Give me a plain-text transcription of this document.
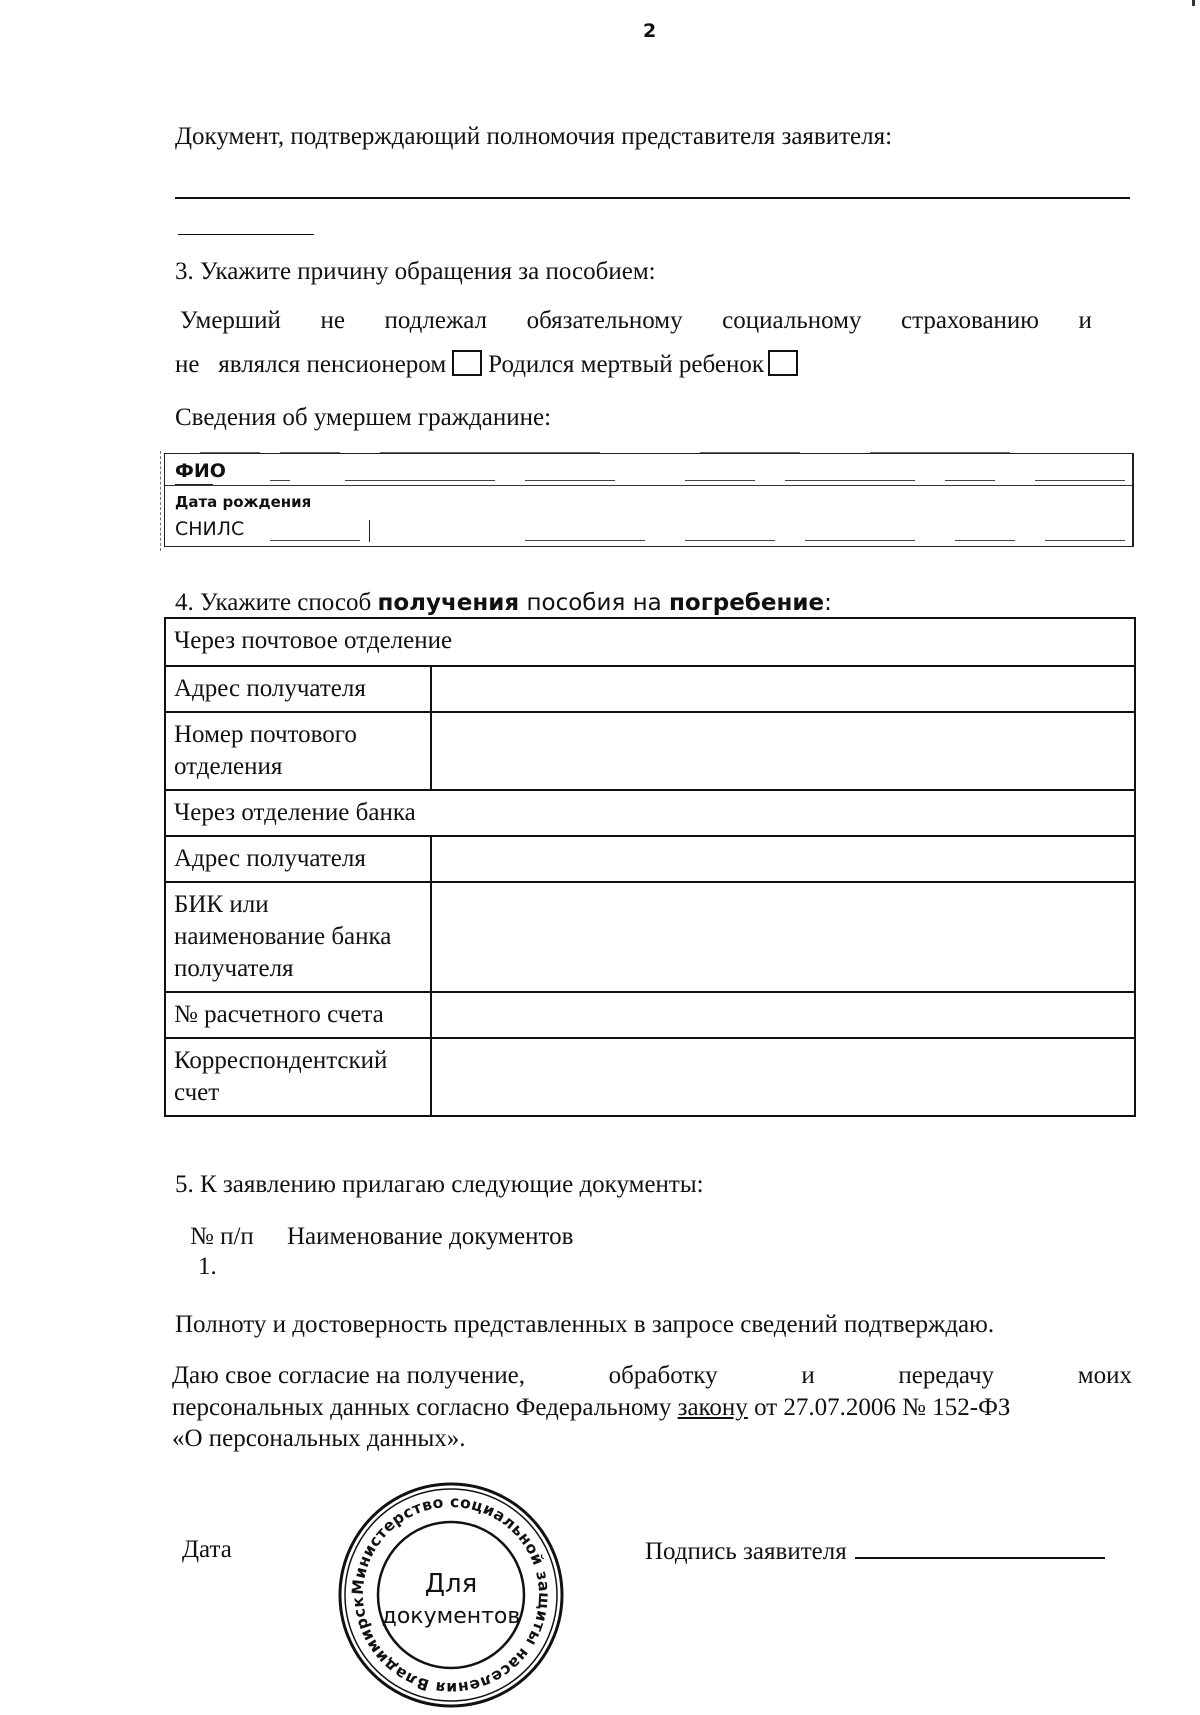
2
Документ, подтверждающий полномочия представителя заявителя:
3. Укажите причину обращения за пособием:
Умерший не подлежал обязательному социальному страхованию и
не   являлся пенсионером Родился мертвый ребенок
Сведения об умершем гражданине:
ФИО
Дата рождения
СНИЛС
4. Укажите способ получения пособия на погребение:
Через почтовое отделение	
Адрес получателя	
Номер почтового отделения	
Через отделение банка	
Адрес получателя	
БИК или наименование банка получателя	
№ расчетного счета	
Корреспондентский счет	
5. К заявлению прилагаю следующие документы:
№ п/п Наименование документов
1.
Полноту и достоверность представленных в запросе сведений подтверждаю.
Даю свое согласие на получение,	обработку	и	передачу	моих
персональных данных согласно Федеральному закону от 27.07.2006 № 152-ФЗ
«О персональных данных».
Дата
Министерство социальной защиты населения Владимирск
Для
документов
Подпись заявителя
